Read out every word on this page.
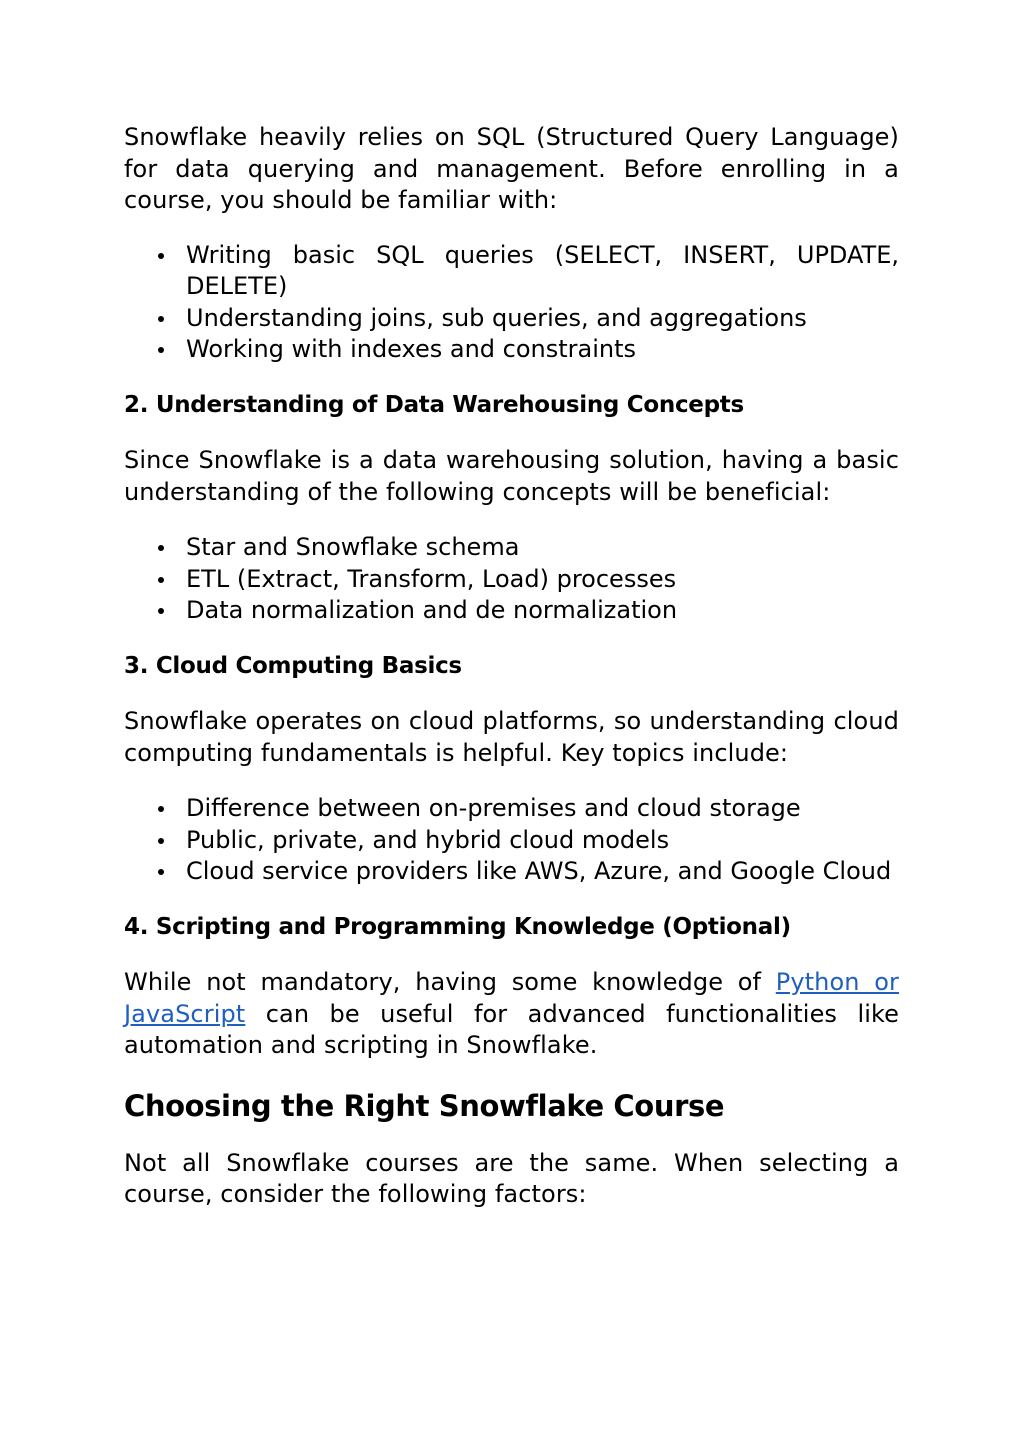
Snowflake heavily relies on SQL (Structured Query Language) for data querying and management. Before enrolling in a course, you should be familiar with:

Writing basic SQL queries (SELECT, INSERT, UPDATE, DELETE)
Understanding joins, sub queries, and aggregations
Working with indexes and constraints
2. Understanding of Data Warehousing Concepts

Since Snowflake is a data warehousing solution, having a basic understanding of the following concepts will be beneficial:

Star and Snowflake schema
ETL (Extract, Transform, Load) processes
Data normalization and de normalization
3. Cloud Computing Basics

Snowflake operates on cloud platforms, so understanding cloud computing fundamentals is helpful. Key topics include:

Difference between on-premises and cloud storage
Public, private, and hybrid cloud models
Cloud service providers like AWS, Azure, and Google Cloud
4. Scripting and Programming Knowledge (Optional)

While not mandatory, having some knowledge of Python or JavaScript can be useful for advanced functionalities like automation and scripting in Snowflake.

Choosing the Right Snowflake Course

Not all Snowflake courses are the same. When selecting a course, consider the following factors:
